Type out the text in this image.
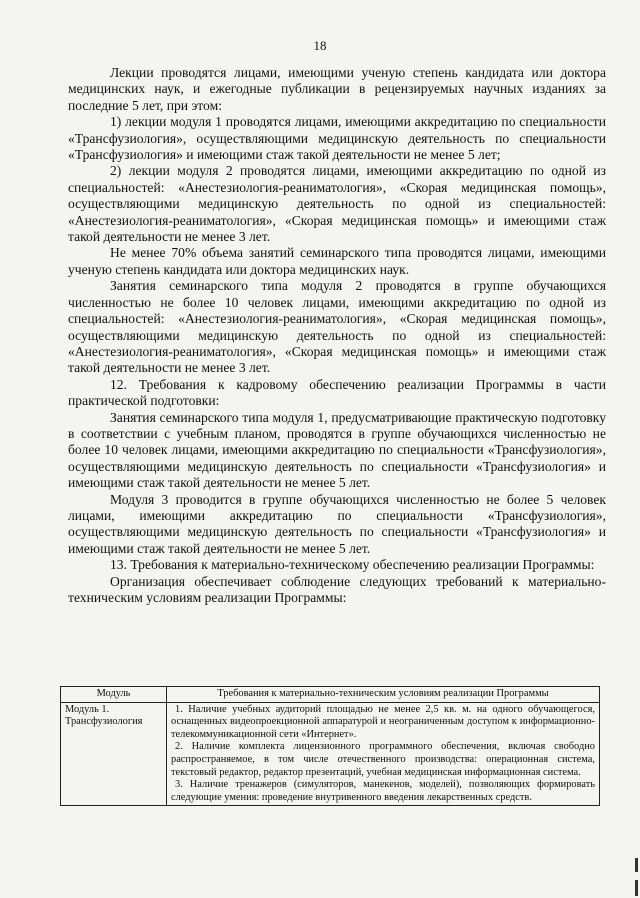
18

Лекции проводятся лицами, имеющими ученую степень кандидата или доктора медицинских наук, и ежегодные публикации в рецензируемых научных изданиях за последние 5 лет, при этом:

1) лекции модуля 1 проводятся лицами, имеющими аккредитацию по специальности «Трансфузиология», осуществляющими медицинскую деятельность по специальности «Трансфузиология» и имеющими стаж такой деятельности не менее 5 лет;

2) лекции модуля 2 проводятся лицами, имеющими аккредитацию по одной из специальностей: «Анестезиология-реаниматология», «Скорая медицинская помощь», осуществляющими медицинскую деятельность по одной из специальностей: «Анестезиология-реаниматология», «Скорая медицинская помощь» и имеющими стаж такой деятельности не менее 3 лет.

Не менее 70% объема занятий семинарского типа проводятся лицами, имеющими ученую степень кандидата или доктора медицинских наук.

Занятия семинарского типа модуля 2 проводятся в группе обучающихся численностью не более 10 человек лицами, имеющими аккредитацию по одной из специальностей: «Анестезиология-реаниматология», «Скорая медицинская помощь», осуществляющими медицинскую деятельность по одной из специальностей: «Анестезиология-реаниматология», «Скорая медицинская помощь» и имеющими стаж такой деятельности не менее 3 лет.

12. Требования к кадровому обеспечению реализации Программы в части практической подготовки:

Занятия семинарского типа модуля 1, предусматривающие практическую подготовку в соответствии с учебным планом, проводятся в группе обучающихся численностью не более 10 человек лицами, имеющими аккредитацию по специальности «Трансфузиология», осуществляющими медицинскую деятельность по специальности «Трансфузиология» и имеющими стаж такой деятельности не менее 5 лет.

Модуля 3 проводится в группе обучающихся численностью не более 5 человек лицами, имеющими аккредитацию по специальности «Трансфузиология», осуществляющими медицинскую деятельность по специальности «Трансфузиология» и имеющими стаж такой деятельности не менее 5 лет.

13. Требования к материально-техническому обеспечению реализации Программы:

Организация обеспечивает соблюдение следующих требований к материально-техническим условиям реализации Программы:

Модуль	Требования к материально-техническим условиям реализации Программы
Модуль 1. Трансфузиология	1. Наличие учебных аудиторий площадью не менее 2,5 кв. м. на одного обучающегося, оснащенных видеопроекционной аппаратурой и неограниченным доступом к информационно-телекоммуникационной сети «Интернет».

2. Наличие комплекта лицензионного программного обеспечения, включая свободно распространяемое, в том числе отечественного производства: операционная система, текстовый редактор, редактор презентаций, учебная медицинская информационная система.

3. Наличие тренажеров (симуляторов, манекенов, моделей), позволяющих формировать следующие умения: проведение внутривенного введения лекарственных средств.
